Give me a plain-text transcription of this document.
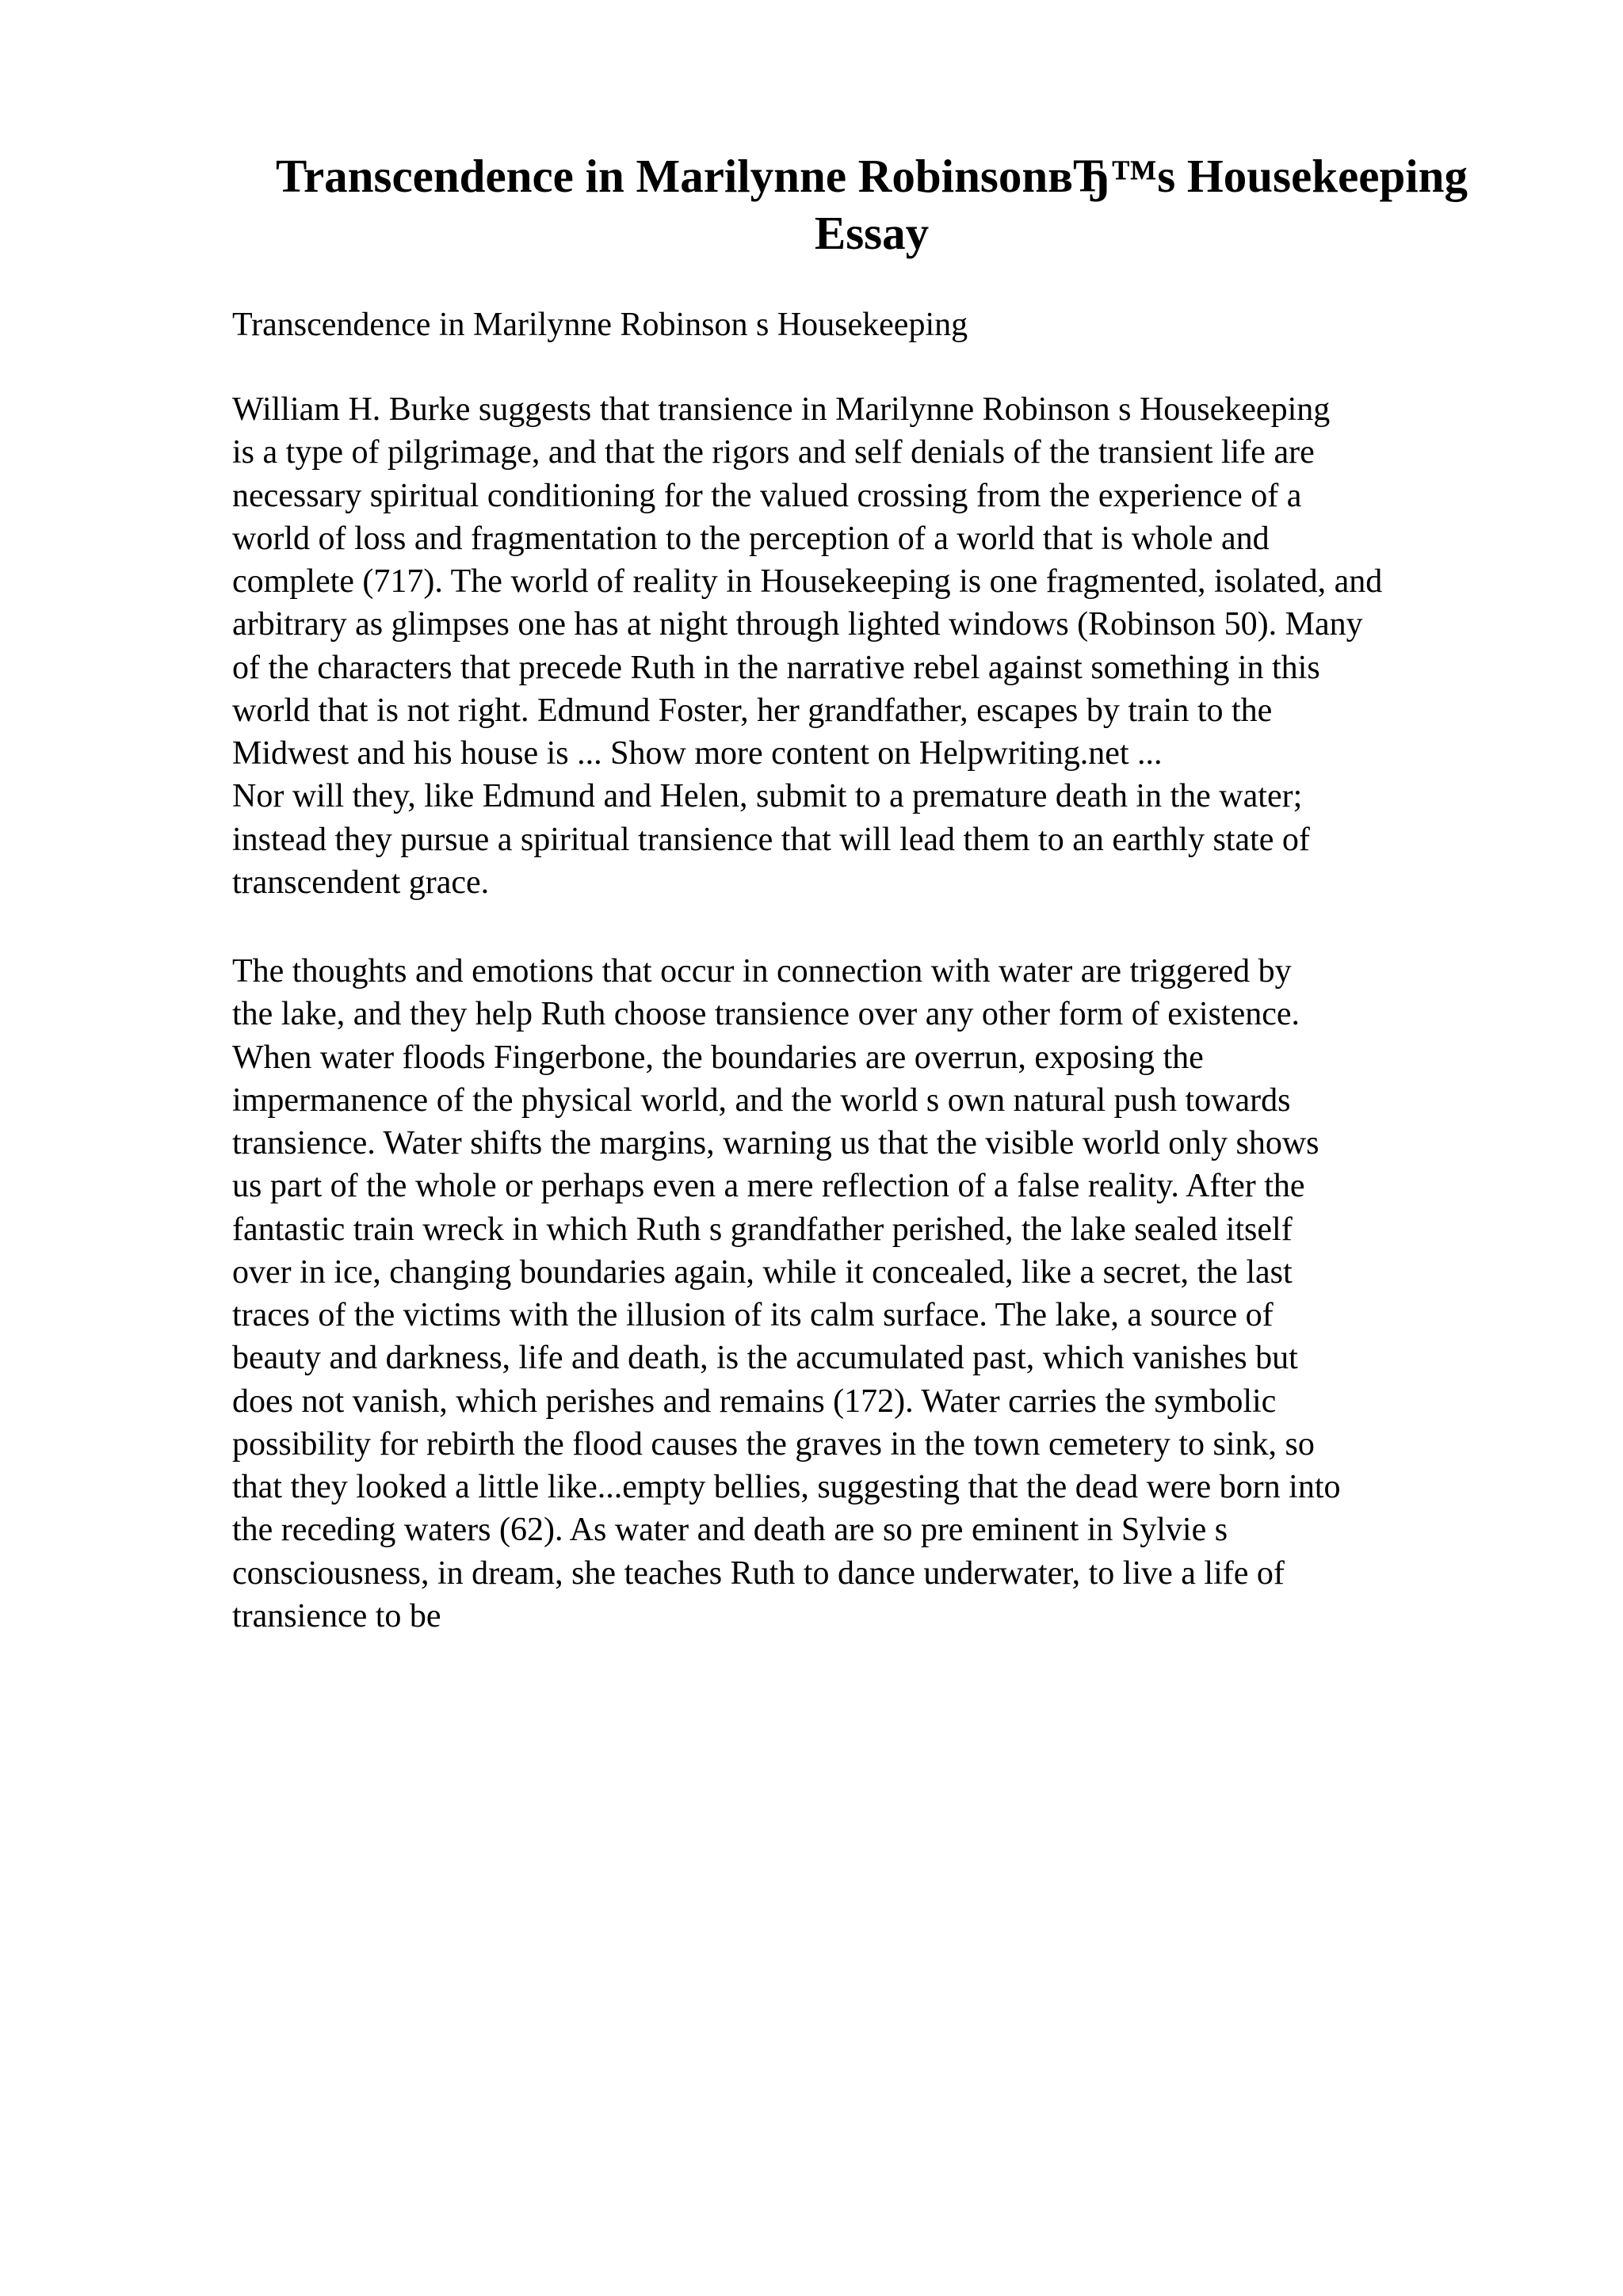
Transcendence in Marilynne RobinsonвЂ™s Housekeeping
Essay

Transcendence in Marilynne Robinson s Housekeeping

William H. Burke suggests that transience in Marilynne Robinson s Housekeeping
is a type of pilgrimage, and that the rigors and self denials of the transient life are
necessary spiritual conditioning for the valued crossing from the experience of a
world of loss and fragmentation to the perception of a world that is whole and
complete (717). The world of reality in Housekeeping is one fragmented, isolated, and
arbitrary as glimpses one has at night through lighted windows (Robinson 50). Many
of the characters that precede Ruth in the narrative rebel against something in this
world that is not right. Edmund Foster, her grandfather, escapes by train to the
Midwest and his house is ... Show more content on Helpwriting.net ...
Nor will they, like Edmund and Helen, submit to a premature death in the water;
instead they pursue a spiritual transience that will lead them to an earthly state of
transcendent grace.

The thoughts and emotions that occur in connection with water are triggered by
the lake, and they help Ruth choose transience over any other form of existence.
When water floods Fingerbone, the boundaries are overrun, exposing the
impermanence of the physical world, and the world s own natural push towards
transience. Water shifts the margins, warning us that the visible world only shows
us part of the whole or perhaps even a mere reflection of a false reality. After the
fantastic train wreck in which Ruth s grandfather perished, the lake sealed itself
over in ice, changing boundaries again, while it concealed, like a secret, the last
traces of the victims with the illusion of its calm surface. The lake, a source of
beauty and darkness, life and death, is the accumulated past, which vanishes but
does not vanish, which perishes and remains (172). Water carries the symbolic
possibility for rebirth the flood causes the graves in the town cemetery to sink, so
that they looked a little like...empty bellies, suggesting that the dead were born into
the receding waters (62). As water and death are so pre eminent in Sylvie s
consciousness, in dream, she teaches Ruth to dance underwater, to live a life of
transience to be
